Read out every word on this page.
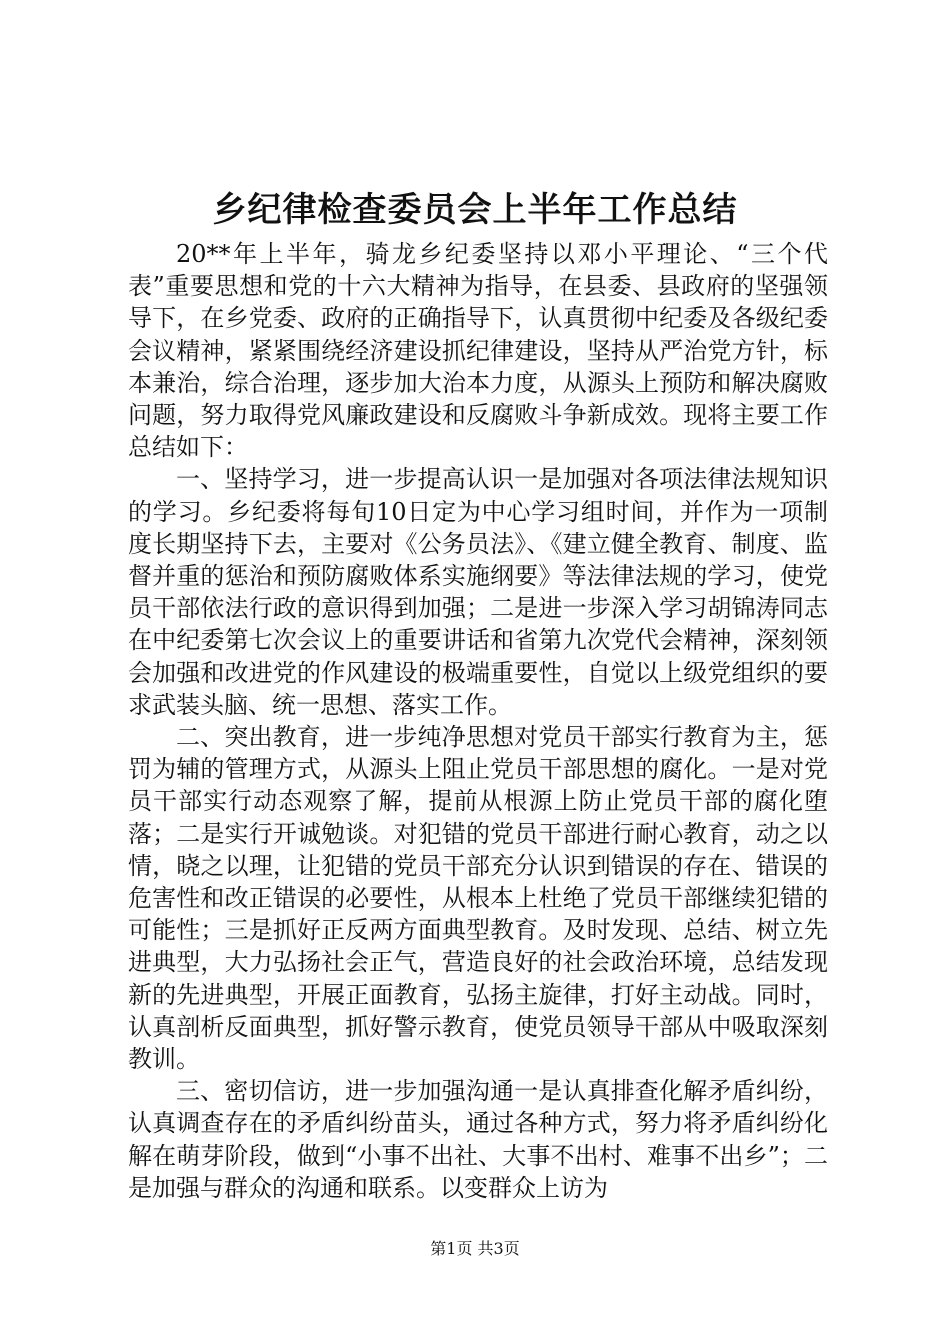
乡纪律检查委员会上半年工作总结

20**年上半年，骑龙乡纪委坚持以邓小平理论、“三个代表”重要思想和党的十六大精神为指导，在县委、县政府的坚强领导下，在乡党委、政府的正确指导下，认真贯彻中纪委及各级纪委会议精神，紧紧围绕经济建设抓纪律建设，坚持从严治党方针，标本兼治，综合治理，逐步加大治本力度，从源头上预防和解决腐败问题，努力取得党风廉政建设和反腐败斗争新成效。现将主要工作总结如下：

一、坚持学习，进一步提高认识一是加强对各项法律法规知识的学习。乡纪委将每旬10日定为中心学习组时间，并作为一项制度长期坚持下去，主要对《公务员法》、《建立健全教育、制度、监督并重的惩治和预防腐败体系实施纲要》等法律法规的学习，使党员干部依法行政的意识得到加强；二是进一步深入学习胡锦涛同志在中纪委第七次会议上的重要讲话和省第九次党代会精神，深刻领会加强和改进党的作风建设的极端重要性，自觉以上级党组织的要求武装头脑、统一思想、落实工作。

二、突出教育，进一步纯净思想对党员干部实行教育为主，惩罚为辅的管理方式，从源头上阻止党员干部思想的腐化。一是对党员干部实行动态观察了解，提前从根源上防止党员干部的腐化堕落；二是实行开诚勉谈。对犯错的党员干部进行耐心教育，动之以情，晓之以理，让犯错的党员干部充分认识到错误的存在、错误的危害性和改正错误的必要性，从根本上杜绝了党员干部继续犯错的可能性；三是抓好正反两方面典型教育。及时发现、总结、树立先进典型，大力弘扬社会正气，营造良好的社会政治环境，总结发现新的先进典型，开展正面教育，弘扬主旋律，打好主动战。同时，认真剖析反面典型，抓好警示教育，使党员领导干部从中吸取深刻教训。

三、密切信访，进一步加强沟通一是认真排查化解矛盾纠纷，认真调查存在的矛盾纠纷苗头，通过各种方式，努力将矛盾纠纷化解在萌芽阶段，做到“小事不出社、大事不出村、难事不出乡”；二是加强与群众的沟通和联系。以变群众上访为

第1页 共3页
